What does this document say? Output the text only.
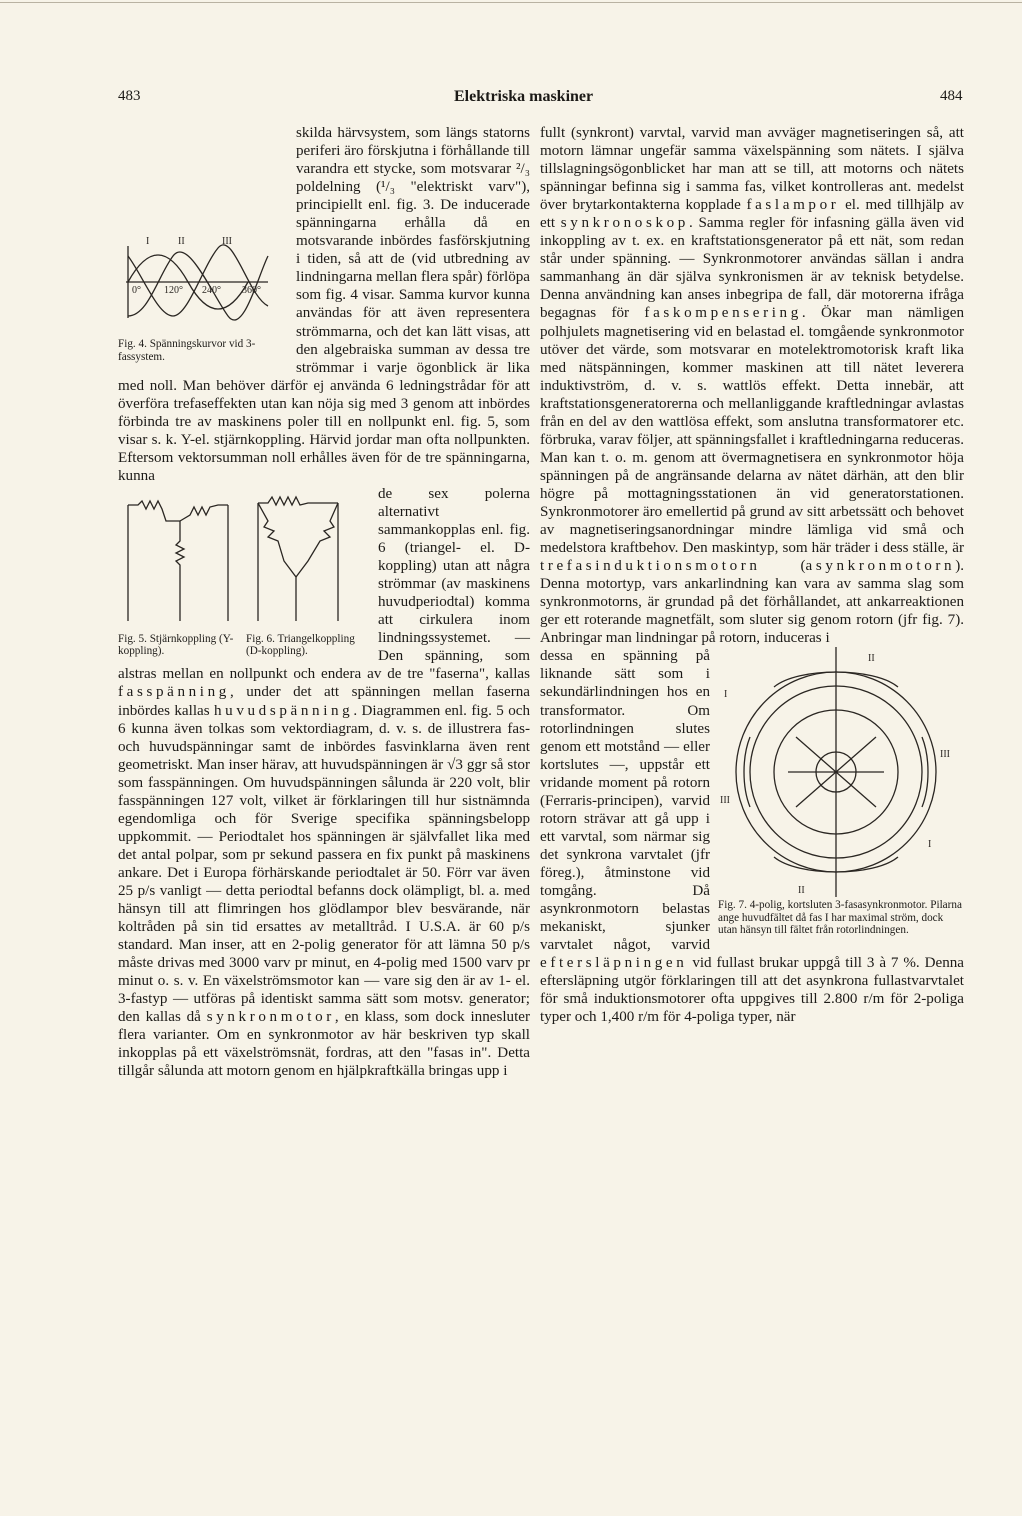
483	Elektriska maskiner	484
I	II	III
0° 120° 240° 360°
Fig. 4. Spänningskurvor vid 3-fassystem.

skilda härvsystem, som längs statorns periferi äro förskjutna i förhållande till varandra ett stycke, som motsvarar ²/₃ poldelning (¹/₃ "elektriskt varv"), principiellt enl. fig. 3. De inducerade spänningarna erhålla då en motsvarande inbördes fasförskjutning i tiden, så att de (vid utbredning av lindningarna mellan flera spår) förlöpa som fig. 4 visar. Samma kurvor kunna användas för att även representera strömmarna, och det kan lätt visas, att den algebraiska summan av dessa tre strömmar i varje ögonblick är lika med noll. Man behöver därför ej använda 6 ledningstrådar för att överföra trefaseffekten utan kan nöja sig med 3 genom att inbördes förbinda tre av maskinens poler till en nollpunkt enl. fig. 5, som visar s. k. Y-el. stjärnkoppling. Härvid jordar man ofta nollpunkten. Eftersom vektorsumman noll erhålles även för de tre spänningarna, kunna

Fig. 5. Stjärnkoppling (Y-koppling).
Fig. 6. Triangelkoppling (D-koppling).

de sex polerna alternativt sammankopplas enl. fig. 6 (triangel- el. D-koppling) utan att några strömmar (av maskinens huvudperiodtal) komma att cirkulera inom lindningssystemet. — Den spänning, som alstras mellan en nollpunkt och endera av de tre "faserna", kallas fasspänning, under det att spänningen mellan faserna inbördes kallas huvudspänning. Diagrammen enl. fig. 5 och 6 kunna även tolkas som vektordiagram, d. v. s. de illustrera fas- och huvudspänningar samt de inbördes fasvinklarna även rent geometriskt. Man inser härav, att huvudspänningen är √3 ggr så stor som fasspänningen. Om huvudspänningen sålunda är 220 volt, blir fasspänningen 127 volt, vilket är förklaringen till hur sistnämnda egendomliga och för Sverige specifika spänningsbelopp uppkommit. — Periodtalet hos spänningen är självfallet lika med det antal polpar, som pr sekund passera en fix punkt på maskinens ankare. Det i Europa förhärskande periodtalet är 50. Förr var även 25 p/s vanligt — detta periodtal befanns dock olämpligt, bl. a. med hänsyn till att flimringen hos glödlampor blev besvärande, när koltråden på sin tid ersattes av metalltråd. I U.S.A. är 60 p/s standard. Man inser, att en 2-polig generator för att lämna 50 p/s måste drivas med 3000 varv pr minut, en 4-polig med 1500 varv pr minut o. s. v. En växelströmsmotor kan — vare sig den är av 1- el. 3-fastyp — utföras på identiskt samma sätt som motsv. generator; den kallas då synkronmotor, en klass, som dock innesluter flera varianter. Om en synkronmotor av här beskriven typ skall inkopplas på ett växelströmsnät, fordras, att den "fasas in". Detta tillgår sålunda att motorn genom en hjälpkraftkälla bringas upp i

fullt (synkront) varvtal, varvid man avväger magnetiseringen så, att motorn lämnar ungefär samma växelspänning som nätets. I själva tillslagningsögonblicket har man att se till, att motorns och nätets spänningar befinna sig i samma fas, vilket kontrolleras ant. medelst över brytarkontakterna kopplade faslampor el. med tillhjälp av ett synkronoskop. Samma regler för infasning gälla även vid inkoppling av t. ex. en kraftstationsgenerator på ett nät, som redan står under spänning. — Synkronmotorer användas sällan i andra sammanhang än där själva synkronismen är av teknisk betydelse. Denna användning kan anses inbegripa de fall, där motorerna ifråga begagnas för faskompensering. Ökar man nämligen polhjulets magnetisering vid en belastad el. tomgående synkronmotor utöver det värde, som motsvarar en motelektromotorisk kraft lika med nätspänningen, kommer maskinen att till nätet leverera induktivström, d. v. s. wattlös effekt. Detta innebär, att kraftstationsgeneratorerna och mellanliggande kraftledningar avlastas från en del av den wattlösa effekt, som anslutna transformatorer etc. förbruka, varav följer, att spänningsfallet i kraftledningarna reduceras. Man kan t. o. m. genom att övermagnetisera en synkronmotor höja spänningen på de angränsande delarna av nätet därhän, att den blir högre på mottagningsstationen än vid generatorstationen. Synkronmotorer äro emellertid på grund av sitt arbetssätt och behovet av magnetiseringsanordningar mindre lämliga vid små och medelstora kraftbehov. Den maskintyp, som här träder i dess ställe, är trefasinduktionsmotorn (asynkronmotorn). Denna motortyp, vars ankarlindning kan vara av samma slag som synkronmotorns, är grundad på det förhållandet, att ankarreaktionen ger ett roterande magnetfält, som sluter sig genom rotorn (jfr fig. 7). Anbringar man lindningar på rotorn, induceras i

II
I
III
III
I
II
Fig. 7. 4-polig, kortsluten 3-fasasynkronmotor. Pilarna ange huvudfältet då fas I har maximal ström, dock utan hänsyn till fältet från rotorlindningen.

dessa en spänning på liknande sätt som i sekundärlindningen hos en transformator. Om rotorlindningen slutes genom ett motstånd — eller kortslutes —, uppstår ett vridande moment på rotorn (Ferraris-principen), varvid rotorn strävar att gå upp i ett varvtal, som närmar sig det synkrona varvtalet (jfr föreg.), åtminstone vid tomgång. Då asynkronmotorn belastas mekaniskt, sjunker varvtalet något, varvid eftersläpningen vid fullast brukar uppgå till 3 à 7 %. Denna eftersläpning utgör förklaringen till att det asynkrona fullastvarvtalet för små induktionsmotorer ofta uppgives till 2.800 r/m för 2-poliga typer och 1,400 r/m för 4-poliga typer, när
